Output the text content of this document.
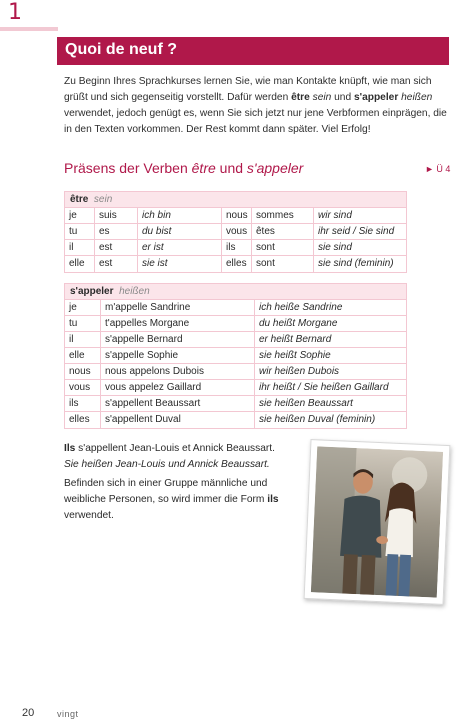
1
Quoi de neuf ?

Zu Beginn Ihres Sprachkurses lernen Sie, wie man Kontakte knüpft, wie man sich grüßt und sich gegenseitig vorstellt. Dafür werden être sein und s'appeler heißen verwendet, jedoch genügt es, wenn Sie sich jetzt nur jene Verbformen einprägen, die in den Texten vorkommen. Der Rest kommt dann später. Viel Erfolg!

Präsens der Verben être und s'appeler	► Ü 4
être sein
je	suis	ich bin	nous sommes	wir sind
tu	es	du bist	vous êtes	ihr seid / Sie sind
il	est	er ist	ils	sont	sie sind
elle	est	sie ist	elles sont	sie sind (feminin)
s'appeler heißen
je	m'appelle Sandrine	ich heiße Sandrine
tu	t'appelles Morgane	du heißt Morgane
il	s'appelle Bernard	er heißt Bernard
elle	s'appelle Sophie	sie heißt Sophie
nous	nous appelons Dubois	wir heißen Dubois
vous	vous appelez Gaillard	ihr heißt / Sie heißen Gaillard
ils	s'appellent Beaussart	sie heißen Beaussart
elles	s'appellent Duval	sie heißen Duval (feminin)

Ils s'appellent Jean-Louis et Annick Beaussart.
Sie heißen Jean-Louis und Annick Beaussart.

Befinden sich in einer Gruppe männliche und weibliche Personen, so wird immer die Form ils verwendet.

20	vingt
